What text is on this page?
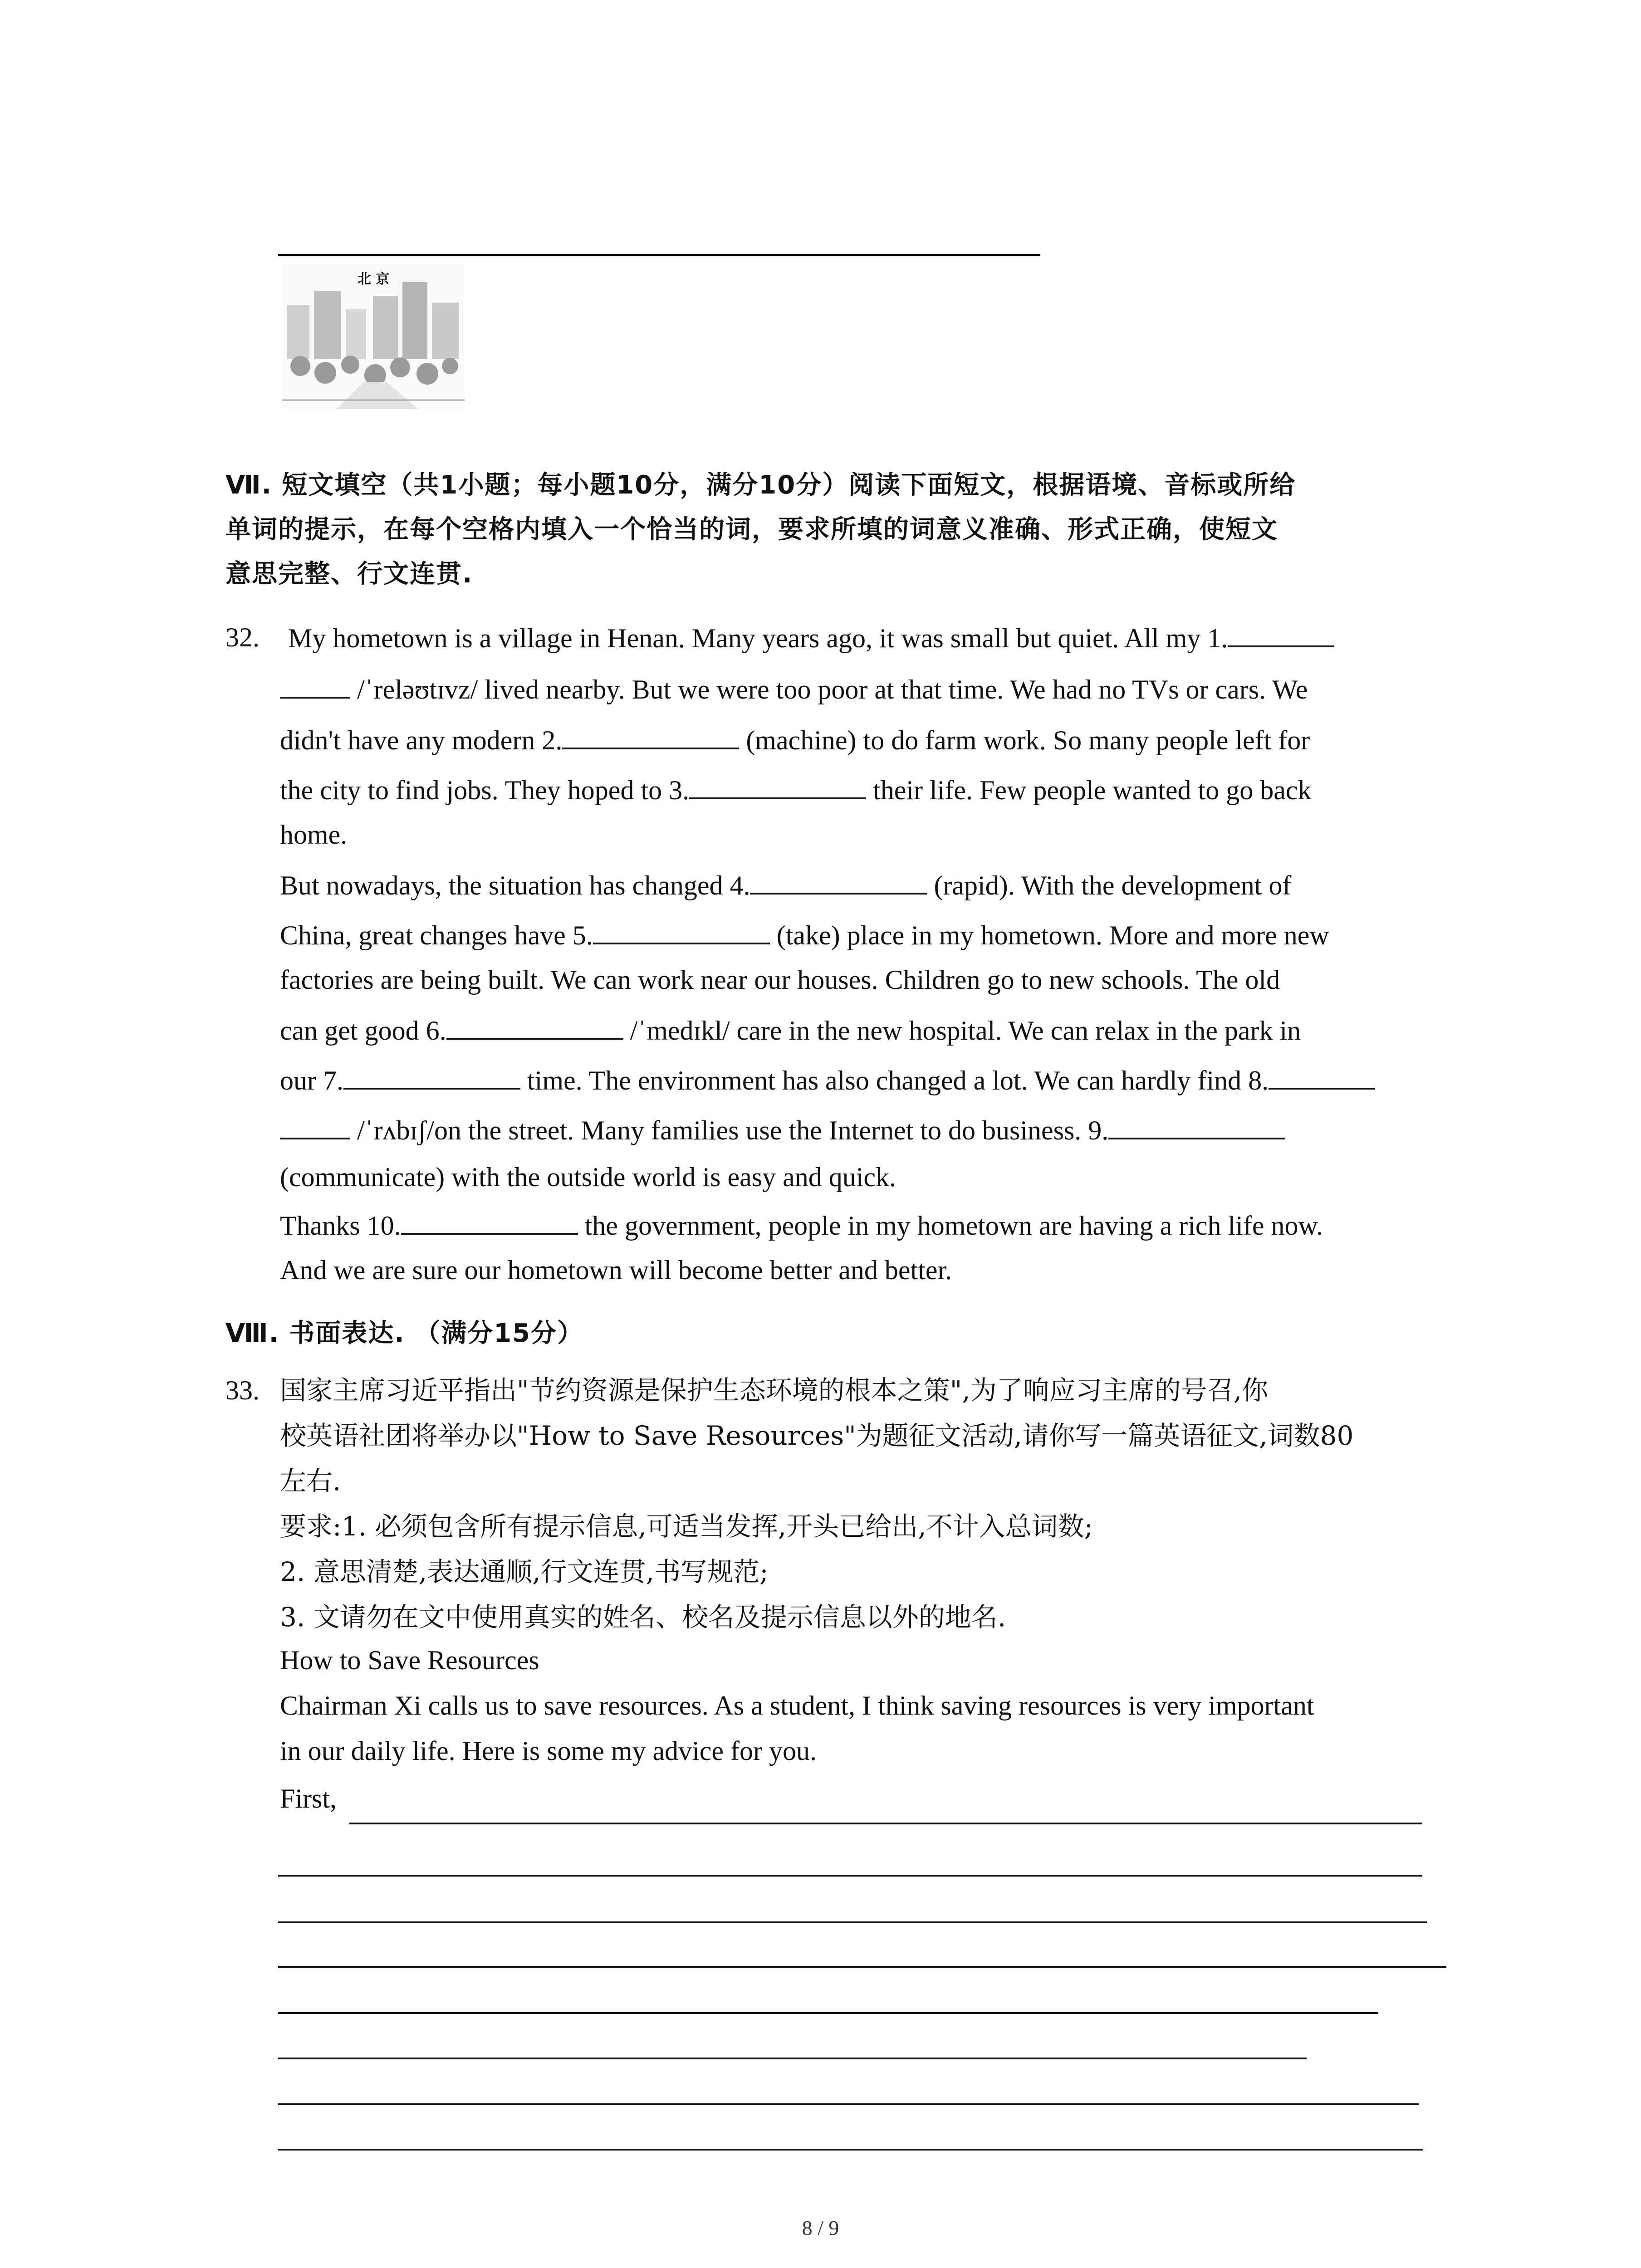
北 京
Ⅶ. 短文填空（共1小题；每小题10分，满分10分）阅读下面短文，根据语境、音标或所给
单词的提示，在每个空格内填入一个恰当的词，要求所填的词意义准确、形式正确，使短文
意思完整、行文连贯.
32. My hometown is a village in Henan. Many years ago, it was small but quiet. All my 1.
/ˈreləʊtɪvz/ lived nearby. But we were too poor at that time. We had no TVs or cars. We
didn't have any modern 2.	(machine) to do farm work. So many people left for
the city to find jobs. They hoped to 3.	their life. Few people wanted to go back
home.
But nowadays, the situation has changed 4.	(rapid). With the development of
China, great changes have 5.	(take) place in my hometown. More and more new
factories are being built. We can work near our houses. Children go to new schools. The old
can get good 6.	/ˈmedɪkl/ care in the new hospital. We can relax in the park in
our 7.	time. The environment has also changed a lot. We can hardly find 8.
/ˈrʌbɪʃ/on the street. Many families use the Internet to do business. 9.
(communicate) with the outside world is easy and quick.
Thanks 10.	the government, people in my hometown are having a rich life now.
And we are sure our hometown will become better and better.
Ⅷ. 书面表达. （满分15分）
33. 国家主席习近平指出"节约资源是保护生态环境的根本之策",为了响应习主席的号召,你
校英语社团将举办以"How to Save Resources"为题征文活动,请你写一篇英语征文,词数80
左右.
要求:1. 必须包含所有提示信息,可适当发挥,开头已给出,不计入总词数;
2. 意思清楚,表达通顺,行文连贯,书写规范;
3. 文请勿在文中使用真实的姓名、校名及提示信息以外的地名.
How to Save Resources
Chairman Xi calls us to save resources. As a student, I think saving resources is very important
in our daily life. Here is some my advice for you.
First,
8 / 9
